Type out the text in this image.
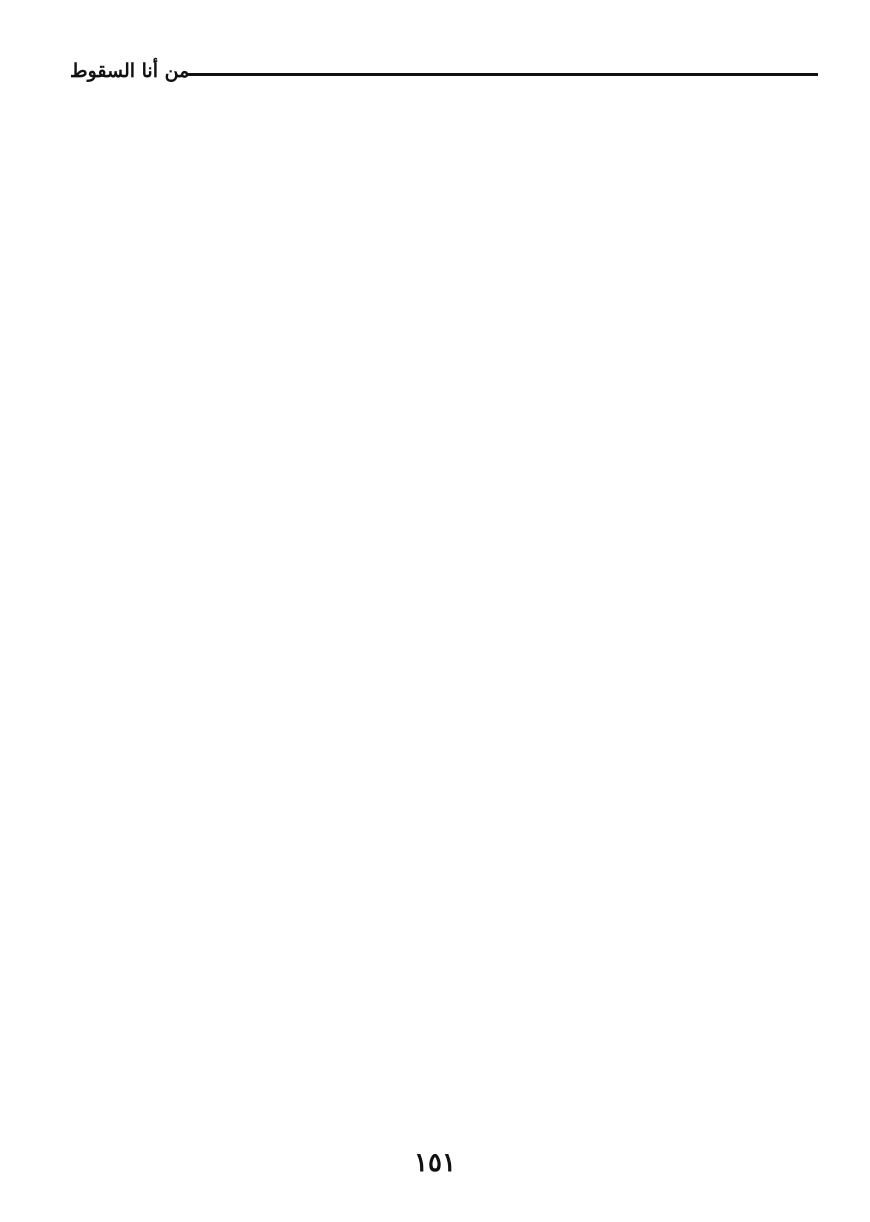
من أنا السقوط

١٥١
